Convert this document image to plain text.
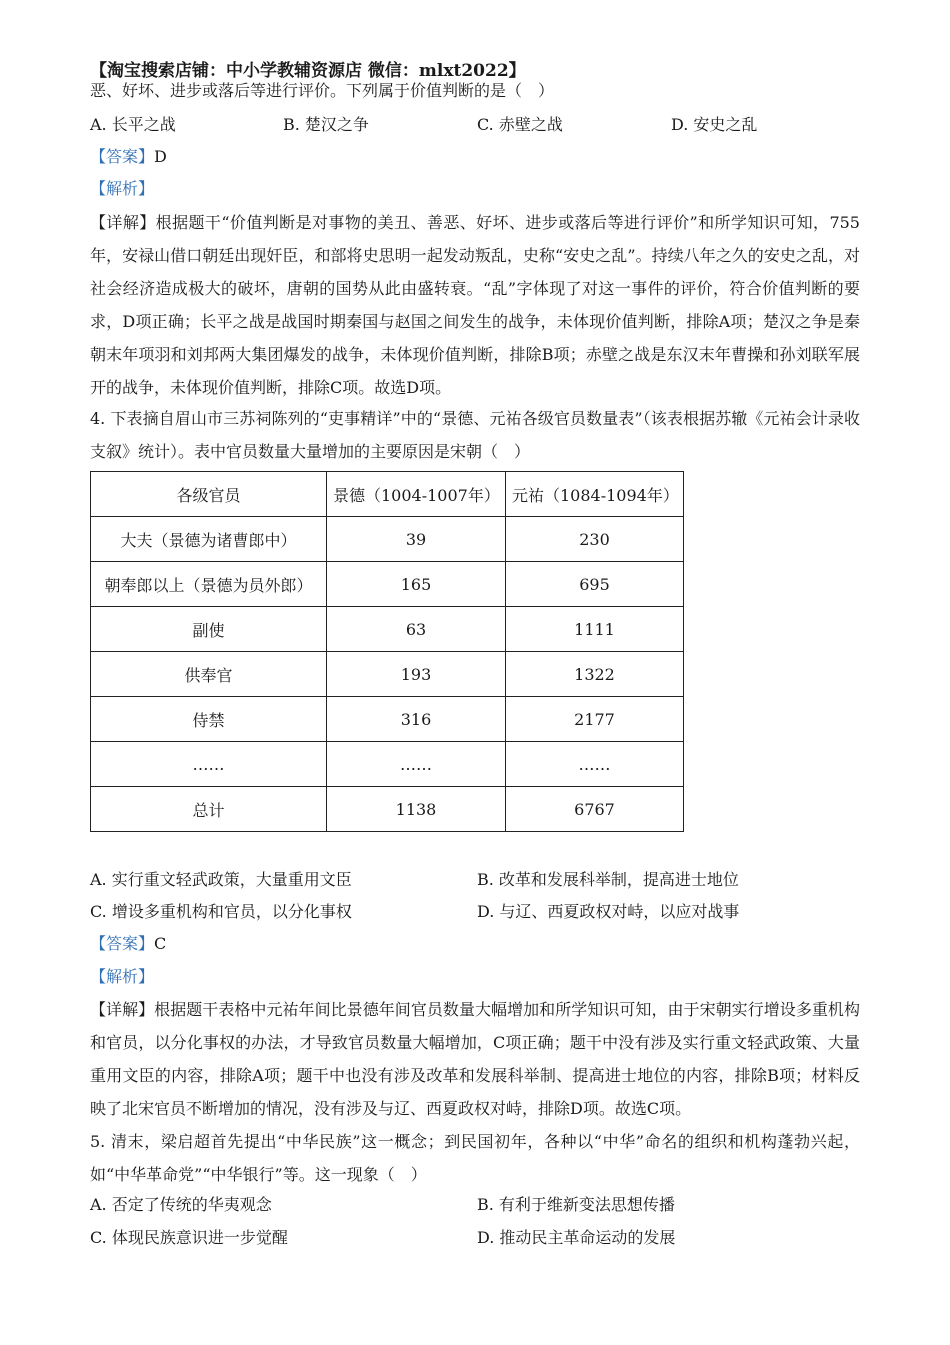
【淘宝搜索店铺：中小学教辅资源店 微信：mlxt2022】
恶、好坏、进步或落后等进行评价。下列属于价值判断的是（　）
A. 长平之战	B. 楚汉之争	C. 赤壁之战	D. 安史之乱
【答案】D
【解析】
【详解】根据题干“价值判断是对事物的美丑、善恶、好坏、进步或落后等进行评价”和所学知识可知，755年，安禄山借口朝廷出现奸臣，和部将史思明一起发动叛乱，史称“安史之乱”。持续八年之久的安史之乱，对社会经济造成极大的破坏，唐朝的国势从此由盛转衰。“乱”字体现了对这一事件的评价，符合价值判断的要求，D项正确；长平之战是战国时期秦国与赵国之间发生的战争，未体现价值判断，排除A项；楚汉之争是秦朝末年项羽和刘邦两大集团爆发的战争，未体现价值判断，排除B项；赤壁之战是东汉末年曹操和孙刘联军展开的战争，未体现价值判断，排除C项。故选D项。
4. 下表摘自眉山市三苏祠陈列的“吏事精详”中的“景德、元祐各级官员数量表”（该表根据苏辙《元祐会计录收支叙》统计）。表中官员数量大量增加的主要原因是宋朝（　）
各级官员	景德（1004-1007年）	元祐（1084-1094年）
大夫（景德为诸曹郎中）	39	230
朝奉郎以上（景德为员外郎）	165	695
副使	63	1111
供奉官	193	1322
侍禁	316	2177
……	……	……
总计	1138	6767
A. 实行重文轻武政策，大量重用文臣	B. 改革和发展科举制，提高进士地位
C. 增设多重机构和官员，以分化事权	D. 与辽、西夏政权对峙，以应对战事
【答案】C
【解析】
【详解】根据题干表格中元祐年间比景德年间官员数量大幅增加和所学知识可知，由于宋朝实行增设多重机构和官员，以分化事权的办法，才导致官员数量大幅增加，C项正确；题干中没有涉及实行重文轻武政策、大量重用文臣的内容，排除A项；题干中也没有涉及改革和发展科举制、提高进士地位的内容，排除B项；材料反映了北宋官员不断增加的情况，没有涉及与辽、西夏政权对峙，排除D项。故选C项。
5. 清末，梁启超首先提出“中华民族”这一概念；到民国初年，各种以“中华”命名的组织和机构蓬勃兴起，如“中华革命党”“中华银行”等。这一现象（　）
A. 否定了传统的华夷观念	B. 有利于维新变法思想传播
C. 体现民族意识进一步觉醒	D. 推动民主革命运动的发展
